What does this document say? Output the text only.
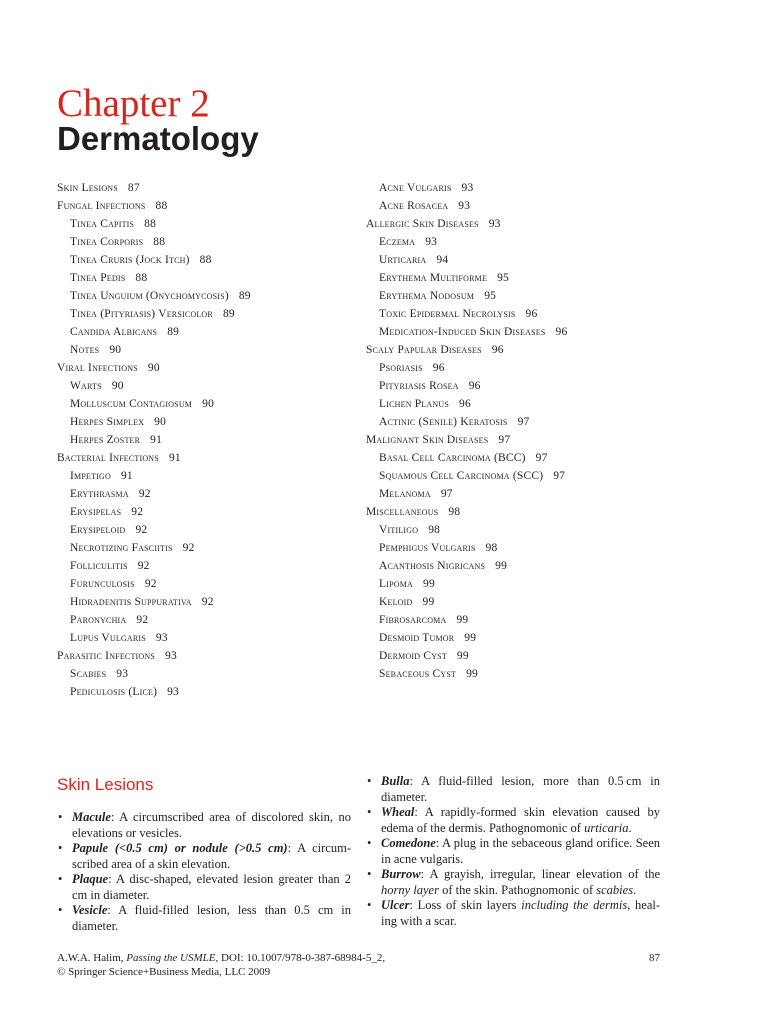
Chapter 2
Dermatology
Skin Lesions 87
Fungal Infections 88
Tinea Capitis 88
Tinea Corporis 88
Tinea Cruris (Jock Itch) 88
Tinea Pedis 88
Tinea Unguium (Onychomycosis) 89
Tinea (Pityriasis) Versicolor 89
Candida Albicans 89
Notes 90
Viral Infections 90
Warts 90
Molluscum Contagiosum 90
Herpes Simplex 90
Herpes Zoster 91
Bacterial Infections 91
Impetigo 91
Erythrasma 92
Erysipelas 92
Erysipeloid 92
Necrotizing Fasciitis 92
Folliculitis 92
Furunculosis 92
Hidradenitis Suppurativa 92
Paronychia 92
Lupus Vulgaris 93
Parasitic Infections 93
Scabies 93
Pediculosis (Lice) 93
Acne Vulgaris 93
Acne Rosacea 93
Allergic Skin Diseases 93
Eczema 93
Urticaria 94
Erythema Multiforme 95
Erythema Nodosum 95
Toxic Epidermal Necrolysis 96
Medication-Induced Skin Diseases 96
Scaly Papular Diseases 96
Psoriasis 96
Pityriasis Rosea 96
Lichen Planus 96
Actinic (Senile) Keratosis 97
Malignant Skin Diseases 97
Basal Cell Carcinoma (BCC) 97
Squamous Cell Carcinoma (SCC) 97
Melanoma 97
Miscellaneous 98
Vitiligo 98
Pemphigus Vulgaris 98
Acanthosis Nigricans 99
Lipoma 99
Keloid 99
Fibrosarcoma 99
Desmoid Tumor 99
Dermoid Cyst 99
Sebaceous Cyst 99
Skin Lesions
• Macule: A circumscribed area of discolored skin, no elevations or vesicles.
• Papule (<0.5 cm) or nodule (>0.5 cm): A circum-scribed area of a skin elevation.
• Plaque: A disc-shaped, elevated lesion greater than 2 cm in diameter.
• Vesicle: A fluid-filled lesion, less than 0.5 cm in diameter.
• Bulla: A fluid-filled lesion, more than 0.5 cm in diameter.
• Wheal: A rapidly-formed skin elevation caused by edema of the dermis. Pathognomonic of urticaria.
• Comedone: A plug in the sebaceous gland orifice. Seen in acne vulgaris.
• Burrow: A grayish, irregular, linear elevation of the horny layer of the skin. Pathognomonic of scabies.
• Ulcer: Loss of skin layers including the dermis, heal-ing with a scar.
A.W.A. Halim, Passing the USMLE, DOI: 10.1007/978-0-387-68984-5_2,
© Springer Science+Business Media, LLC 2009
87
